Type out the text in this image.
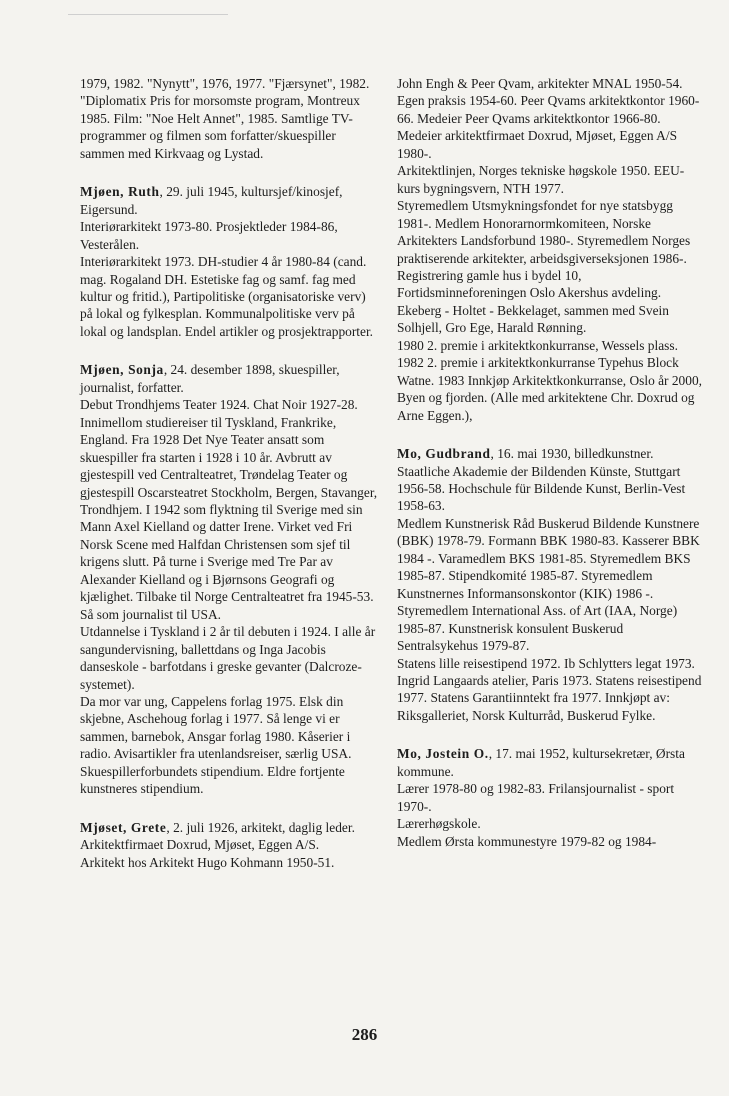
1979, 1982. "Nynytt", 1976, 1977. "Fjærsynet", 1982. "Diplomatix Pris for morsomste program, Montreux 1985. Film: "Noe Helt Annet", 1985. Samtlige TV-programmer og filmen som forfatter/skuespiller sammen med Kirkvaag og Lystad.

Mjøen, Ruth, 29. juli 1945, kultursjef/kinosjef, Eigersund.

Interiørarkitekt 1973-80. Prosjektleder 1984-86, Vesterålen.

Interiørarkitekt 1973. DH-studier 4 år 1980-84 (cand. mag. Rogaland DH. Estetiske fag og samf. fag med kultur og fritid.), Partipolitiske (organisatoriske verv) på lokal og fylkesplan. Kommunalpolitiske verv på lokal og landsplan. Endel artikler og prosjektrapporter.

Mjøen, Sonja, 24. desember 1898, skuespiller, journalist, forfatter.

Debut Trondhjems Teater 1924. Chat Noir 1927-28. Innimellom studiereiser til Tyskland, Frankrike, England. Fra 1928 Det Nye Teater ansatt som skuespiller fra starten i 1928 i 10 år. Avbrutt av gjestespill ved Centralteatret, Trøndelag Teater og gjestespill Oscarsteatret Stockholm, Bergen, Stavanger, Trondhjem. I 1942 som flyktning til Sverige med sin Mann Axel Kielland og datter Irene. Virket ved Fri Norsk Scene med Halfdan Christensen som sjef til krigens slutt. På turne i Sverige med Tre Par av Alexander Kielland og i Bjørnsons Geografi og kjælighet. Tilbake til Norge Centralteatret fra 1945-53. Så som journalist til USA.

Utdannelse i Tyskland i 2 år til debuten i 1924. I alle år sangundervisning, ballettdans og Inga Jacobis danseskole - barfotdans i greske gevanter (Dalcroze-systemet).

Da mor var ung, Cappelens forlag 1975. Elsk din skjebne, Aschehoug forlag i 1977. Så lenge vi er sammen, barnebok, Ansgar forlag 1980. Kåserier i radio. Avisartikler fra utenlandsreiser, særlig USA.

Skuespillerforbundets stipendium. Eldre fortjente kunstneres stipendium.

Mjøset, Grete, 2. juli 1926, arkitekt, daglig leder. Arkitektfirmaet Doxrud, Mjøset, Eggen A/S.

Arkitekt hos Arkitekt Hugo Kohmann 1950-51.

John Engh & Peer Qvam, arkitekter MNAL 1950-54. Egen praksis 1954-60. Peer Qvams arkitektkontor 1960-66. Medeier Peer Qvams arkitektkontor 1966-80. Medeier arkitektfirmaet Doxrud, Mjøset, Eggen A/S 1980-.

Arkitektlinjen, Norges tekniske høgskole 1950. EEU-kurs bygningsvern, NTH 1977.

Styremedlem Utsmykningsfondet for nye statsbygg 1981-. Medlem Honorarnormkomiteen, Norske Arkitekters Landsforbund 1980-. Styremedlem Norges praktiserende arkitekter, arbeidsgiverseksjonen 1986-.

Registrering gamle hus i bydel 10, Fortidsminneforeningen Oslo Akershus avdeling. Ekeberg - Holtet - Bekkelaget, sammen med Svein Solhjell, Gro Ege, Harald Rønning.

1980 2. premie i arkitektkonkurranse, Wessels plass. 1982 2. premie i arkitektkonkurranse Typehus Block Watne. 1983 Innkjøp Arkitektkonkurranse, Oslo år 2000, Byen og fjorden. (Alle med arkitektene Chr. Doxrud og Arne Eggen.),

Mo, Gudbrand, 16. mai 1930, billedkunstner.

Staatliche Akademie der Bildenden Künste, Stuttgart 1956-58. Hochschule für Bildende Kunst, Berlin-Vest 1958-63.

Medlem Kunstnerisk Råd Buskerud Bildende Kunstnere (BBK) 1978-79. Formann BBK 1980-83. Kasserer BBK 1984 -. Varamedlem BKS 1981-85. Styremedlem BKS 1985-87. Stipendkomité 1985-87. Styremedlem Kunstnernes Informansonskontor (KIK) 1986 -. Styremedlem International Ass. of Art (IAA, Norge) 1985-87. Kunstnerisk konsulent Buskerud Sentralsykehus 1979-87.

Statens lille reisestipend 1972. Ib Schlytters legat 1973. Ingrid Langaards atelier, Paris 1973. Statens reisestipend 1977. Statens Garantiinntekt fra 1977. Innkjøpt av: Riksgalleriet, Norsk Kulturråd, Buskerud Fylke.

Mo, Jostein O., 17. mai 1952, kultursekretær, Ørsta kommune.

Lærer 1978-80 og 1982-83. Frilansjournalist - sport 1970-.

Lærerhøgskole.

Medlem Ørsta kommunestyre 1979-82 og 1984-

286
